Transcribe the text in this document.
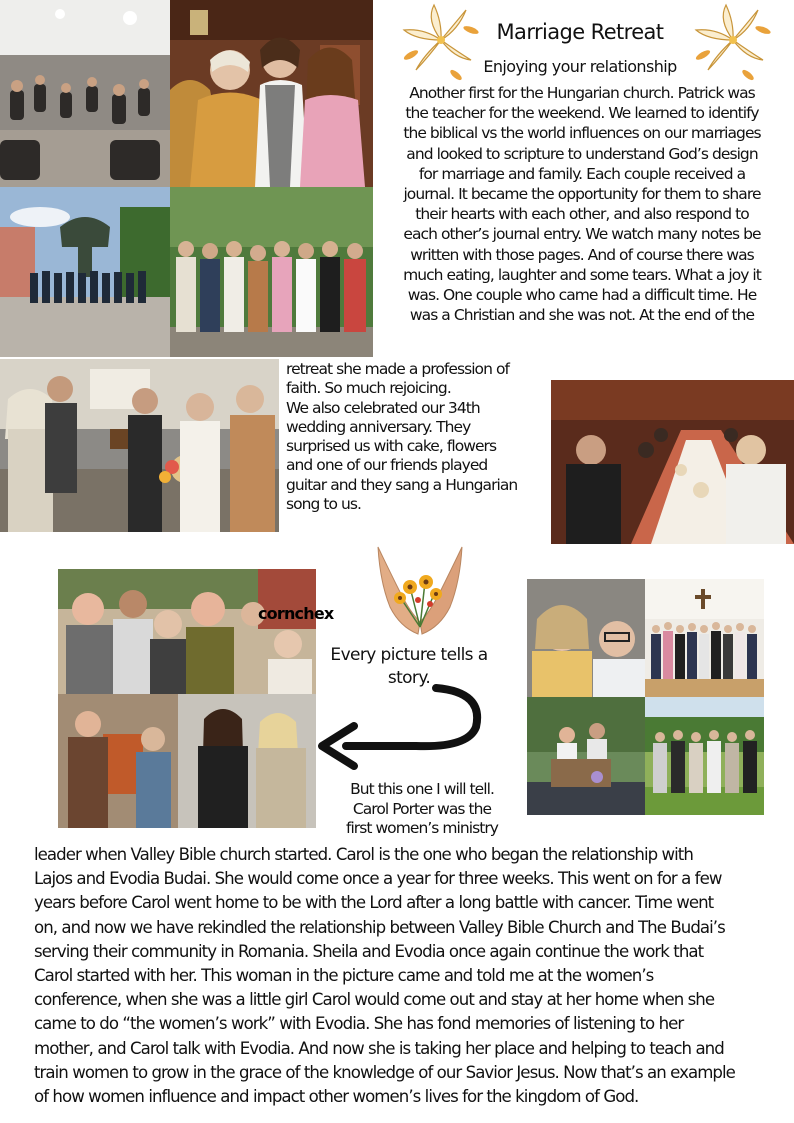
Marriage Retreat
Enjoying your relationship
Another first for the Hungarian church. Patrick was
the teacher for the weekend. We learned to identify
the biblical vs the world influences on our marriages
and looked to scripture to understand God’s design
for marriage and family. Each couple received a
journal. It became the opportunity for them to share
their hearts with each other, and also respond to
each other’s journal entry. We watch many notes be
written with those pages. And of course there was
much eating, laughter and some tears. What a joy it
was. One couple who came had a difficult time. He
was a Christian and she was not. At the end of the
retreat she made a profession of
faith. So much rejoicing.
We also celebrated our 34th
wedding anniversary. They
surprised us with cake, flowers
and one of our friends played
guitar and they sang a Hungarian
song to us.
cornchex
Every picture tells a
story.
But this one I will tell.
Carol Porter was the
first women’s ministry
leader when Valley Bible church started. Carol is the one who began the relationship with
Lajos and Evodia Budai. She would come once a year for three weeks. This went on for a few
years before Carol went home to be with the Lord after a long battle with cancer. Time went
on, and now we have rekindled the relationship between Valley Bible Church and The Budai’s
serving their community in Romania. Sheila and Evodia once again continue the work that
Carol started with her. This woman in the picture came and told me at the women’s
conference, when she was a little girl Carol would come out and stay at her home when she
came to do “the women’s work” with Evodia. She has fond memories of listening to her
mother, and Carol talk with Evodia. And now she is taking her place and helping to teach and
train women to grow in the grace of the knowledge of our Savior Jesus. Now that’s an example
of how women influence and impact other women’s lives for the kingdom of God.
